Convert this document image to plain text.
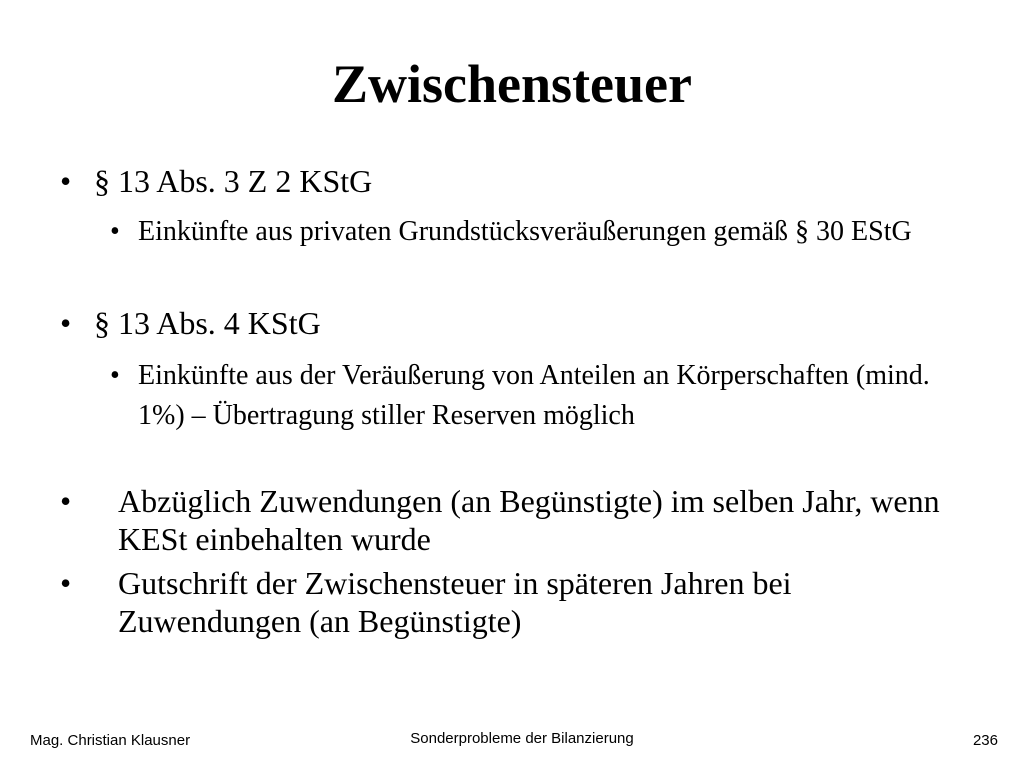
Zwischensteuer
• § 13 Abs. 3 Z 2 KStG
• Einkünfte aus privaten Grundstücksveräußerungen gemäß § 30 EStG
• § 13 Abs. 4 KStG
• Einkünfte aus der Veräußerung von Anteilen an Körperschaften (mind. 1%) – Übertragung stiller Reserven möglich
• Abzüglich Zuwendungen (an Begünstigte) im selben Jahr, wenn KESt einbehalten wurde
• Gutschrift der Zwischensteuer in späteren Jahren bei Zuwendungen (an Begünstigte)
Mag. Christian Klausner	Sonderprobleme der Bilanzierung	236
